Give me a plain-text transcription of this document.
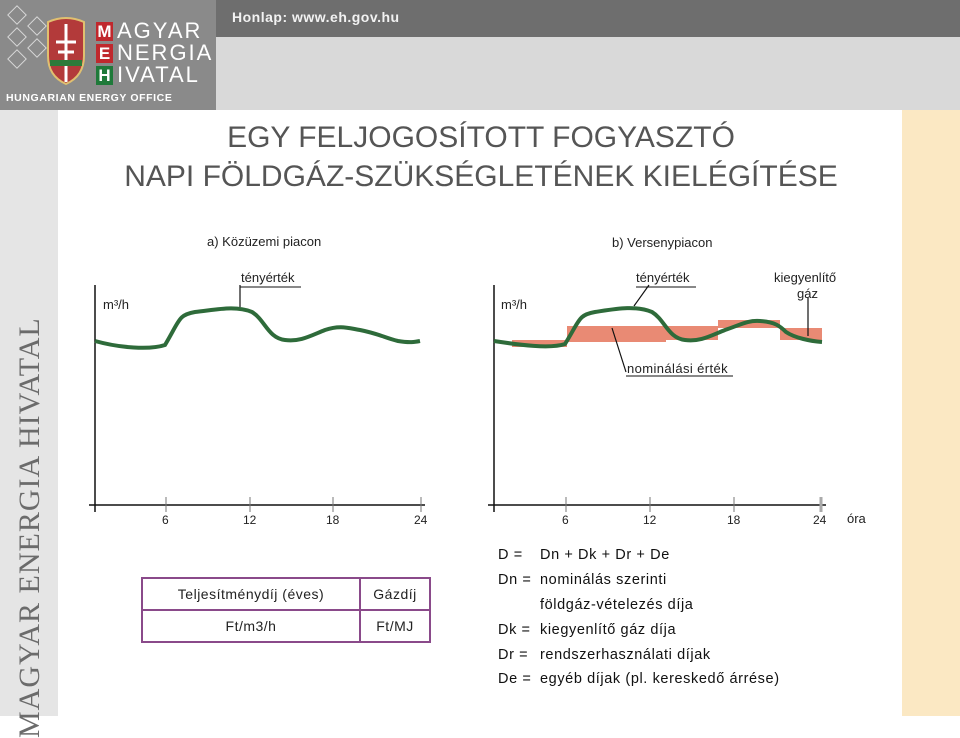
M AGYAR
E NERGIA
H IVATAL
HUNGARIAN ENERGY OFFICE
Honlap: www.eh.gov.hu
MAGYAR ENERGIA HIVATAL
EGY FELJOGOSÍTOTT FOGYASZTÓ
NAPI FÖLDGÁZ-SZÜKSÉGLETÉNEK KIELÉGÍTÉSE
a) Közüzemi piacon
m³/h
tényérték
6	12	18	24
b) Versenypiacon
m³/h
tényérték	kiegyenlítő
gáz
nominálási érték
6	12	18	24 óra
Teljesítménydíj (éves)	Gázdíj
Ft/m3/h	Ft/MJ
D = Dn + Dk + Dr + De
Dn = nominálás szerinti
földgáz-vételezés díja
Dk = kiegyenlítő gáz díja
Dr = rendszerhasználati díjak
De = egyéb díjak (pl. kereskedő árrése)
